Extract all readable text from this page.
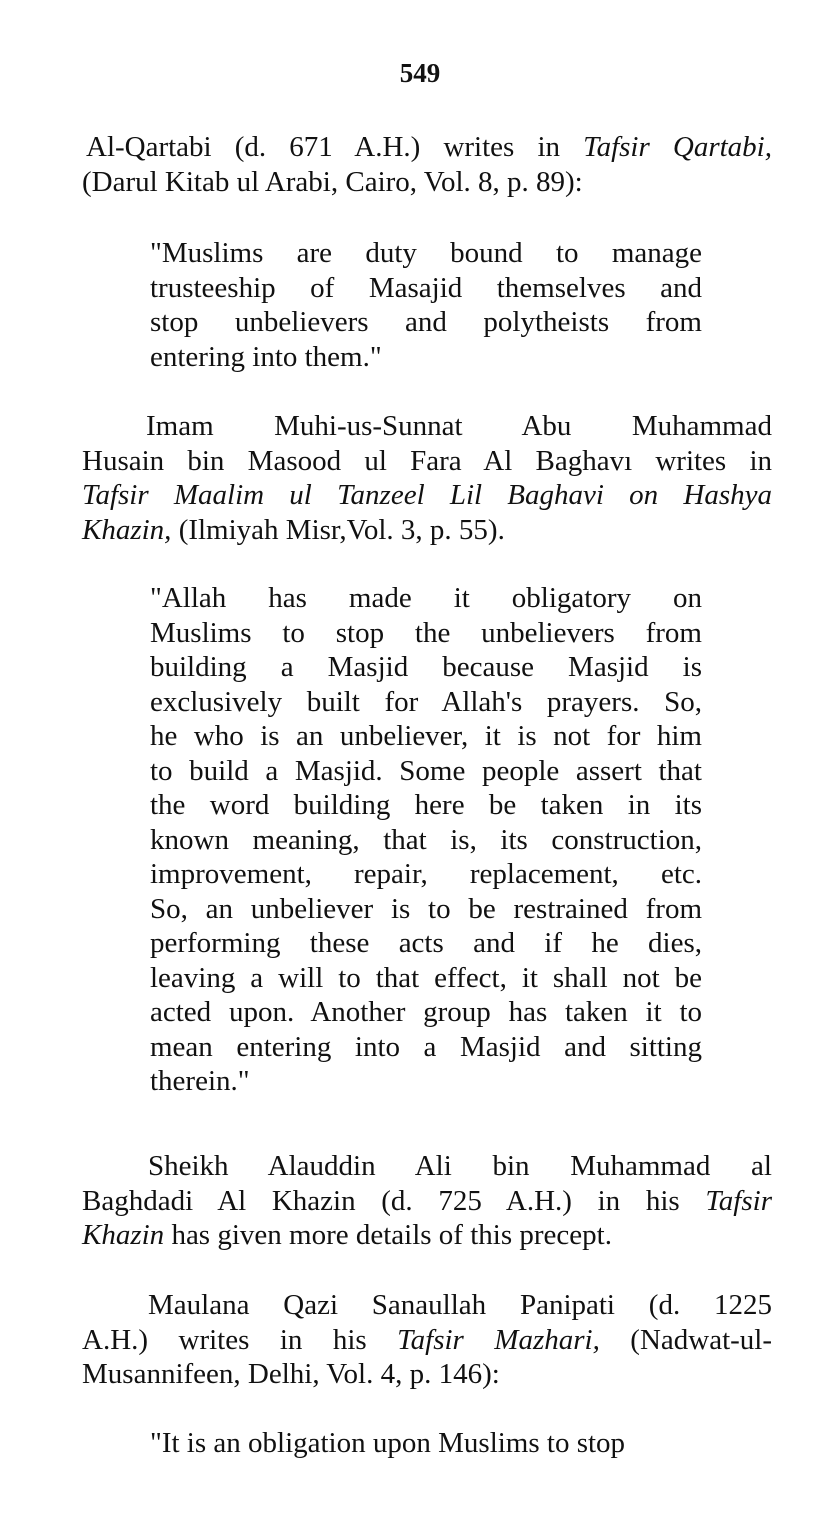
549
Al-Qartabi (d. 671 A.H.) writes in Tafsir Qartabi,
(Darul Kitab ul Arabi, Cairo, Vol. 8, p. 89):
"Muslims are duty bound to manage
trusteeship of Masajid themselves and
stop unbelievers and polytheists from
entering into them."
Imam Muhi-us-Sunnat Abu Muhammad
Husain bin Masood ul Fara Al Baghavı writes in
Tafsir Maalim ul Tanzeel Lil Baghavi on Hashya
Khazin, (Ilmiyah Misr,Vol. 3, p. 55).
"Allah has made it obligatory on
Muslims to stop the unbelievers from
building a Masjid because Masjid is
exclusively built for Allah's prayers. So,
he who is an unbeliever, it is not for him
to build a Masjid. Some people assert that
the word building here be taken in its
known meaning, that is, its construction,
improvement, repair, replacement, etc.
So, an unbeliever is to be restrained from
performing these acts and if he dies,
leaving a will to that effect, it shall not be
acted upon. Another group has taken it to
mean entering into a Masjid and sitting
therein."
Sheikh Alauddin Ali bin Muhammad al
Baghdadi Al Khazin (d. 725 A.H.) in his Tafsir
Khazin has given more details of this precept.
Maulana Qazi Sanaullah Panipati (d. 1225
A.H.) writes in his Tafsir Mazhari, (Nadwat-ul-
Musannifeen, Delhi, Vol. 4, p. 146):
"It is an obligation upon Muslims to stop
